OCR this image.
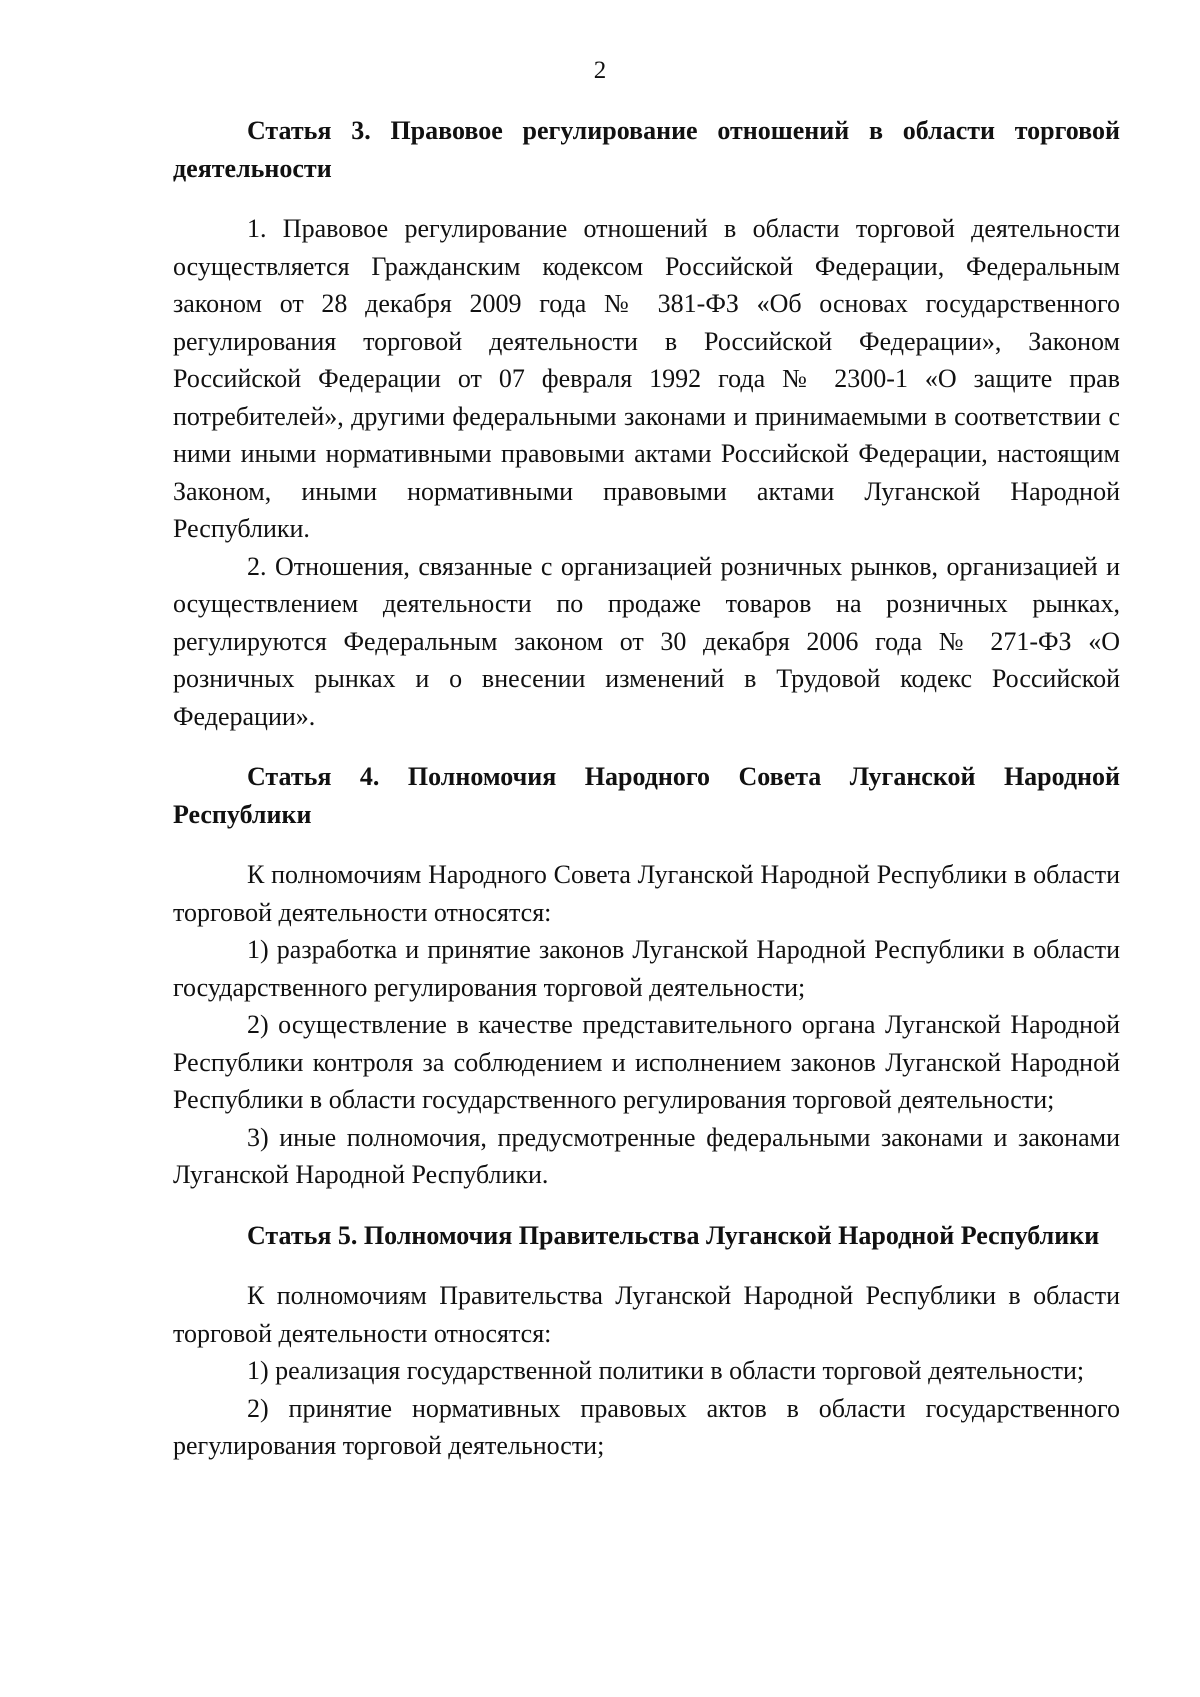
2
Статья 3. Правовое регулирование отношений в области торговой деятельности

1. Правовое регулирование отношений в области торговой деятельности осуществляется Гражданским кодексом Российской Федерации, Федеральным законом от 28 декабря 2009 года № 381-ФЗ «Об основах государственного регулирования торговой деятельности в Российской Федерации», Законом Российской Федерации от 07 февраля 1992 года № 2300-1 «О защите прав потребителей», другими федеральными законами и принимаемыми в соответствии с ними иными нормативными правовыми актами Российской Федерации, настоящим Законом, иными нормативными правовыми актами Луганской Народной Республики.

2. Отношения, связанные с организацией розничных рынков, организацией и осуществлением деятельности по продаже товаров на розничных рынках, регулируются Федеральным законом от 30 декабря 2006 года № 271-ФЗ «О розничных рынках и о внесении изменений в Трудовой кодекс Российской Федерации».

Статья 4. Полномочия Народного Совета Луганской Народной Республики

К полномочиям Народного Совета Луганской Народной Республики в области торговой деятельности относятся:

1) разработка и принятие законов Луганской Народной Республики в области государственного регулирования торговой деятельности;

2) осуществление в качестве представительного органа Луганской Народной Республики контроля за соблюдением и исполнением законов Луганской Народной Республики в области государственного регулирования торговой деятельности;

3) иные полномочия, предусмотренные федеральными законами и законами Луганской Народной Республики.

Статья 5. Полномочия Правительства Луганской Народной Республики

К полномочиям Правительства Луганской Народной Республики в области торговой деятельности относятся:

1) реализация государственной политики в области торговой деятельности;

2) принятие нормативных правовых актов в области государственного регулирования торговой деятельности;
